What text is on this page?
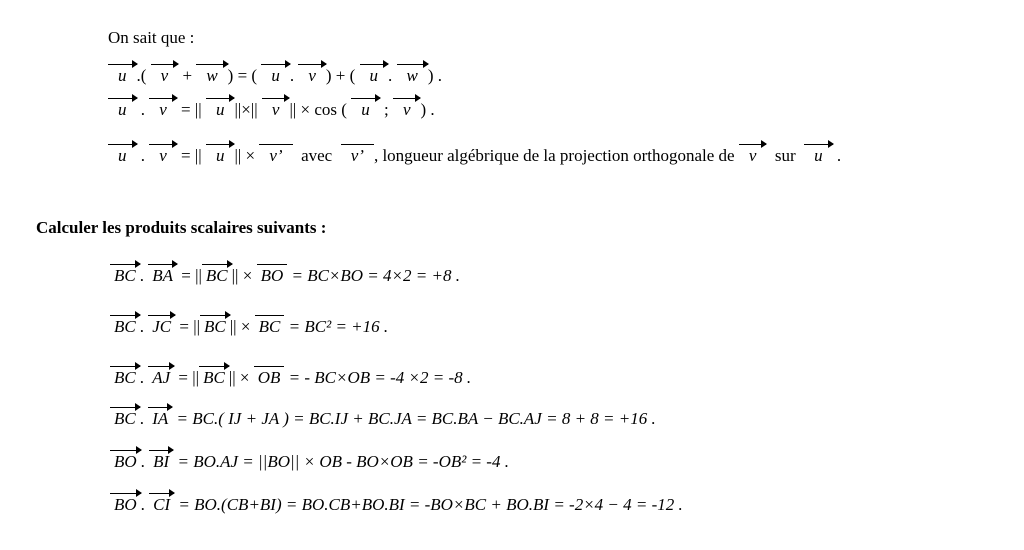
On sait que :
u .( v + w ) = ( u . v ) + ( u . w ) .
u . v = || u ||×|| v || × cos ( u ; v ) .
u . v = || u || × v’ avec v’ , longueur algébrique de la projection orthogonale de v sur u .
Calculer les produits scalaires suivants :
BC . BA = || BC || × BO = BC×BO = 4×2 = +8 .
BC . JC = || BC || × BC = BC² = +16 .
BC . AJ = || BC || × OB = - BC×OB = -4 ×2 = -8 .
BC . IA = BC.( IJ + JA ) = BC.IJ + BC.JA = BC.BA − BC.AJ = 8 + 8 = +16 .
BO . BI = BO.AJ = ||BO|| × OB - BO×OB = -OB² = -4 .
BO . CI = BO.(CB+BI) = BO.CB+BO.BI = -BO×BC + BO.BI = -2×4 − 4 = -12 .
.( + ) = ( . ) + ( . ) . . = || ||×|| || × cos ( ; ) . . = || || × avec , longueur algébrique de la projection orthogonale de sur . = ||BC|| × BO = BC×BO = 4×2 = +8 .
